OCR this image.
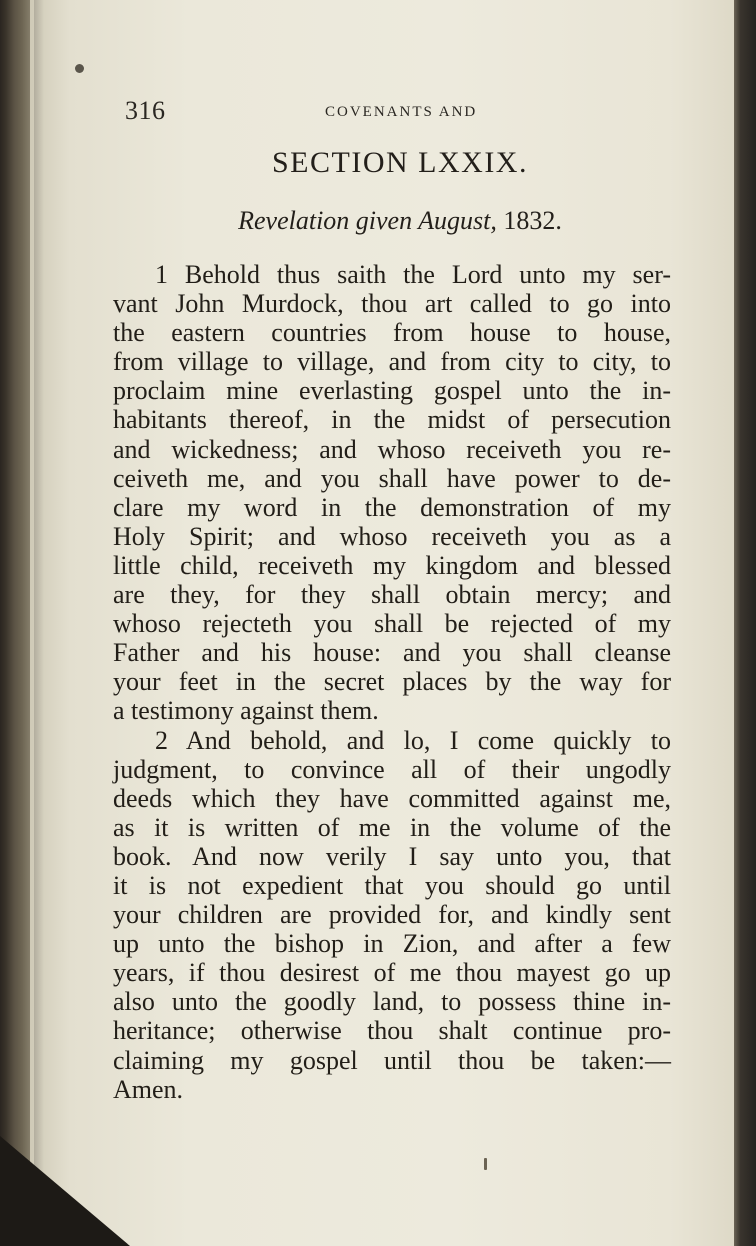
316	COVENANTS AND
SECTION LXXIX.
Revelation given August, 1832.
1 Behold thus saith the Lord unto my ser-
vant John Murdock, thou art called to go into
the eastern countries from house to house,
from village to village, and from city to city, to
proclaim mine everlasting gospel unto the in-
habitants thereof, in the midst of persecution
and wickedness; and whoso receiveth you re-
ceiveth me, and you shall have power to de-
clare my word in the demonstration of my
Holy Spirit; and whoso receiveth you as a
little child, receiveth my kingdom and blessed
are they, for they shall obtain mercy; and
whoso rejecteth you shall be rejected of my
Father and his house: and you shall cleanse
your feet in the secret places by the way for
a testimony against them.
2 And behold, and lo, I come quickly to
judgment, to convince all of their ungodly
deeds which they have committed against me,
as it is written of me in the volume of the
book. And now verily I say unto you, that
it is not expedient that you should go until
your children are provided for, and kindly sent
up unto the bishop in Zion, and after a few
years, if thou desirest of me thou mayest go up
also unto the goodly land, to possess thine in-
heritance; otherwise thou shalt continue pro-
claiming my gospel until thou be taken:—
Amen.
